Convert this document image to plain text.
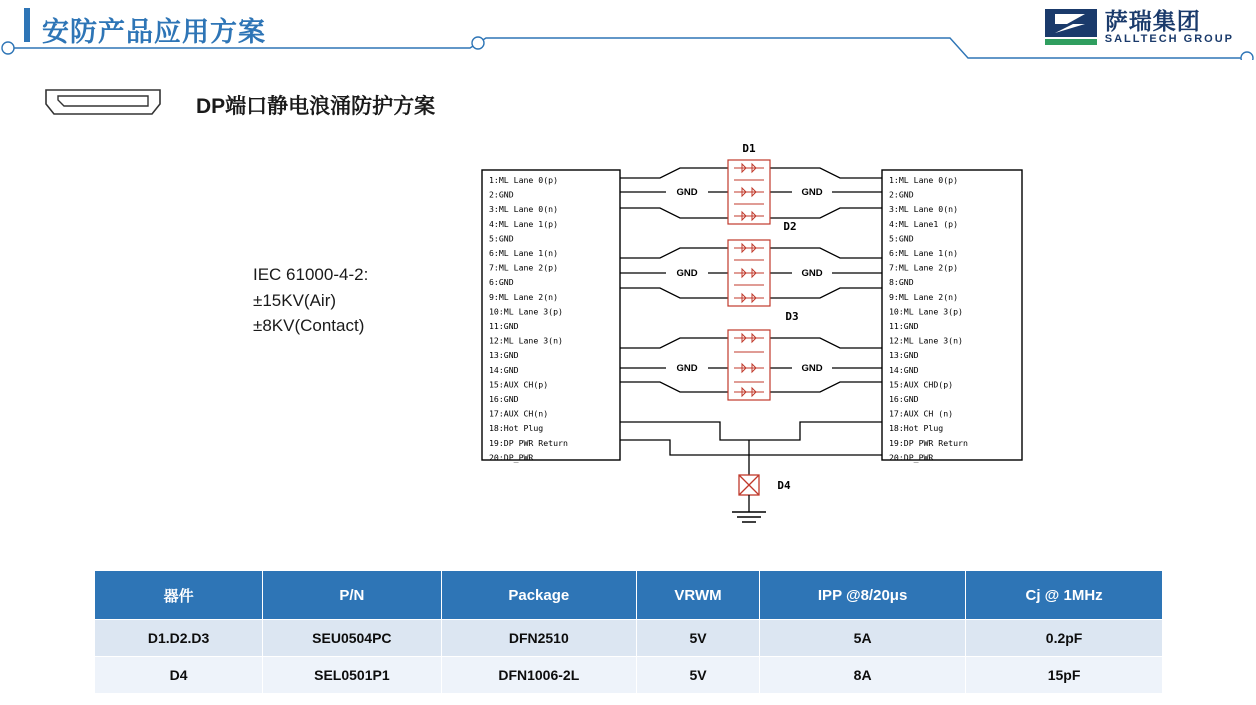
安防产品应用方案	萨瑞集团
SALLTECH GROUP
DP端口静电浪涌防护方案
IEC 61000-4-2:
±15KV(Air)
±8KV(Contact)
1:ML Lane 0(p)
2:GND
3:ML Lane 0(n)
4:ML Lane 1(p)
5:GND
6:ML Lane 1(n)
7:ML Lane 2(p)
6:GND
9:ML Lane 2(n)
10:ML Lane 3(p)
11:GND
12:ML Lane 3(n)
13:GND
14:GND
15:AUX CH(p)
16:GND
17:AUX CH(n)
18:Hot Plug
19:DP PWR Return
20:DP_PWR
1:ML Lane 0(p)
2:GND
3:ML Lane 0(n)
4:ML Lane1 (p)
5:GND
6:ML Lane 1(n)
7:ML Lane 2(p)
8:GND
9:ML Lane 2(n)
10:ML Lane 3(p)
11:GND
12:ML Lane 3(n)
13:GND
14:GND
15:AUX CHD(p)
16:GND
17:AUX CH (n)
18:Hot Plug
19:DP PWR Return
20:DP_PWR
D1
D2
D3
D4
GND	GND
GND	GND
GND	GND
器件	P/N	Package	VRWM	IPP @8/20μs	Cj @ 1MHz
D1.D2.D3	SEU0504PC	DFN2510	5V	5A	0.2pF
D4	SEL0501P1	DFN1006-2L	5V	8A	15pF
